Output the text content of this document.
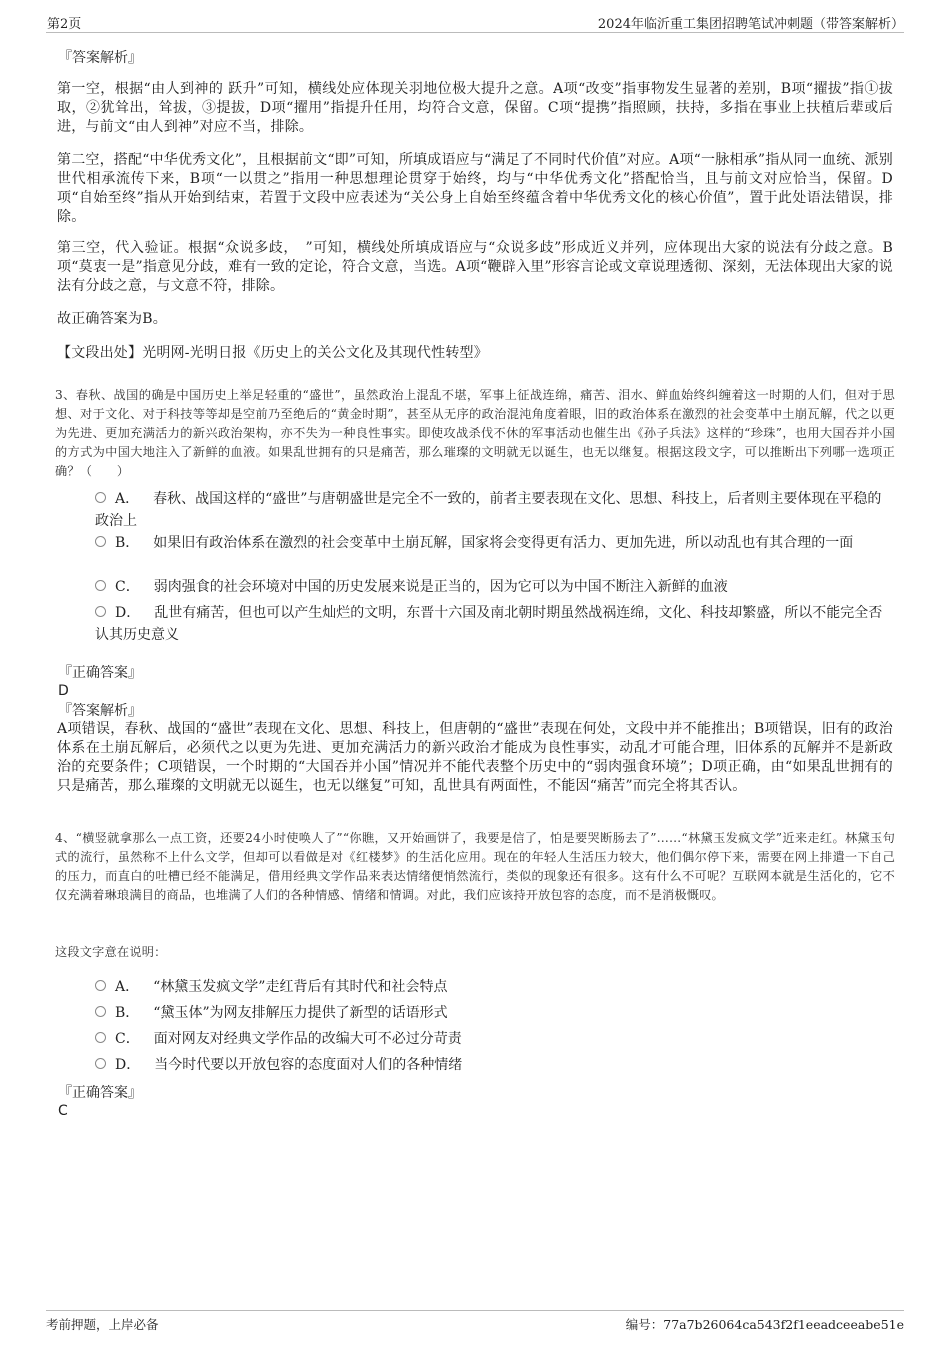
第2页	2024年临沂重工集团招聘笔试冲刺题（带答案解析）
『答案解析』
第一空，根据“由人到神的 跃升”可知，横线处应体现关羽地位极大提升之意。A项“改变”指事物发生显著的差别，B项“擢拔”指①拔取，②犹耸出，耸拔，③提拔，D项“擢用”指提升任用，均符合文意，保留。C项“提携”指照顾，扶持，多指在事业上扶植后辈或后进，与前文“由人到神”对应不当，排除。
第二空，搭配“中华优秀文化”，且根据前文“即”可知，所填成语应与“满足了不同时代价值”对应。A项“一脉相承”指从同一血统、派别世代相承流传下来，B项“一以贯之”指用一种思想理论贯穿于始终，均与“中华优秀文化”搭配恰当，且与前文对应恰当，保留。D项“自始至终”指从开始到结束，若置于文段中应表述为“关公身上自始至终蕴含着中华优秀文化的核心价值”，置于此处语法错误，排除。
第三空，代入验证。根据“众说多歧，　”可知，横线处所填成语应与“众说多歧”形成近义并列，应体现出大家的说法有分歧之意。B项“莫衷一是”指意见分歧，难有一致的定论，符合文意，当选。A项“鞭辟入里”形容言论或文章说理透彻、深刻，无法体现出大家的说法有分歧之意，与文意不符，排除。
故正确答案为B。
【文段出处】光明网-光明日报《历史上的关公文化及其现代性转型》
3、春秋、战国的确是中国历史上举足轻重的“盛世”，虽然政治上混乱不堪，军事上征战连绵，痛苦、泪水、鲜血始终纠缠着这一时期的人们，但对于思想、对于文化、对于科技等等却是空前乃至绝后的“黄金时期”，甚至从无序的政治混沌角度着眼，旧的政治体系在激烈的社会变革中土崩瓦解，代之以更为先进、更加充满活力的新兴政治架构，亦不失为一种良性事实。即使攻战杀伐不休的军事活动也催生出《孙子兵法》这样的“珍珠”，也用大国吞并小国的方式为中国大地注入了新鲜的血液。如果乱世拥有的只是痛苦，那么璀璨的文明就无以诞生，也无以继复。根据这段文字，可以推断出下列哪一选项正确？（　　）
A． 春秋、战国这样的“盛世”与唐朝盛世是完全不一致的，前者主要表现在文化、思想、科技上，后者则主要体现在平稳的政治上
B． 如果旧有政治体系在激烈的社会变革中土崩瓦解，国家将会变得更有活力、更加先进，所以动乱也有其合理的一面
C． 弱肉强食的社会环境对中国的历史发展来说是正当的，因为它可以为中国不断注入新鲜的血液
D． 乱世有痛苦，但也可以产生灿烂的文明，东晋十六国及南北朝时期虽然战祸连绵，文化、科技却繁盛，所以不能完全否认其历史意义
『正确答案』
D
『答案解析』
A项错误，春秋、战国的“盛世”表现在文化、思想、科技上，但唐朝的“盛世”表现在何处，文段中并不能推出；B项错误，旧有的政治体系在土崩瓦解后，必须代之以更为先进、更加充满活力的新兴政治才能成为良性事实，动乱才可能合理，旧体系的瓦解并不是新政治的充要条件；C项错误，一个时期的“大国吞并小国”情况并不能代表整个历史中的“弱肉强食环境”；D项正确，由“如果乱世拥有的只是痛苦，那么璀璨的文明就无以诞生，也无以继复”可知，乱世具有两面性，不能因“痛苦”而完全将其否认。
4、“横竖就拿那么一点工资，还要24小时使唤人了”“你瞧，又开始画饼了，我要是信了，怕是要哭断肠去了”……“林黛玉发疯文学”近来走红。林黛玉句式的流行，虽然称不上什么文学，但却可以看做是对《红楼梦》的生活化应用。现在的年轻人生活压力较大，他们偶尔停下来，需要在网上排遣一下自己的压力，而直白的吐槽已经不能满足，借用经典文学作品来表达情绪便悄然流行，类似的现象还有很多。这有什么不可呢？互联网本就是生活化的，它不仅充满着琳琅满目的商品，也堆满了人们的各种情感、情绪和情调。对此，我们应该持开放包容的态度，而不是消极慨叹。
这段文字意在说明：
A． “林黛玉发疯文学”走红背后有其时代和社会特点
B． “黛玉体”为网友排解压力提供了新型的话语形式
C． 面对网友对经典文学作品的改编大可不必过分苛责
D． 当今时代要以开放包容的态度面对人们的各种情绪
『正确答案』
C
考前押题，上岸必备	编号：77a7b26064ca543f2f1eeadceeabe51e
